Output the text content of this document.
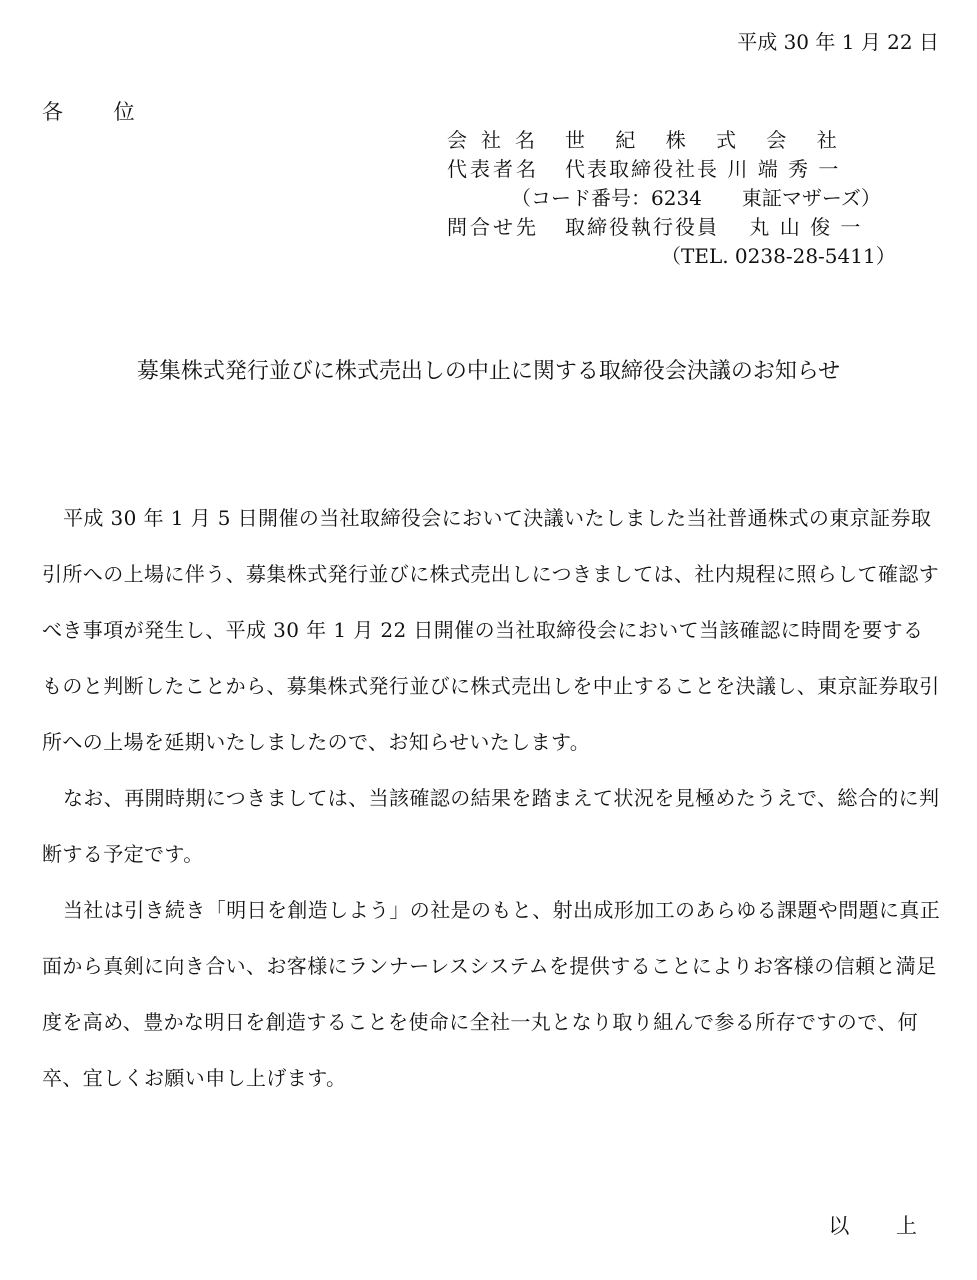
平成 30 年 1 月 22 日
各 位
会社名 世 紀 株 式 会 社
代表者名	代表取締役社長 川 端 秀 一
（コード番号：6234　　東証マザーズ）
問合せ先	取締役執行役員　 丸 山 俊 一
（TEL. 0238-28-5411）
募集株式発行並びに株式売出しの中止に関する取締役会決議のお知らせ

平成 30 年 1 月 5 日開催の当社取締役会において決議いたしました当社普通株式の東京証券取引所への上場に伴う、募集株式発行並びに株式売出しにつきましては、社内規程に照らして確認すべき事項が発生し、平成 30 年 1 月 22 日開催の当社取締役会において当該確認に時間を要するものと判断したことから、募集株式発行並びに株式売出しを中止することを決議し、東京証券取引所への上場を延期いたしましたので、お知らせいたします。

なお、再開時期につきましては、当該確認の結果を踏まえて状況を見極めたうえで、総合的に判断する予定です。

当社は引き続き「明日を創造しよう」の社是のもと、射出成形加工のあらゆる課題や問題に真正面から真剣に向き合い、お客様にランナーレスシステムを提供することによりお客様の信頼と満足度を高め、豊かな明日を創造することを使命に全社一丸となり取り組んで参る所存ですので、何卒、宜しくお願い申し上げます。

以 上
